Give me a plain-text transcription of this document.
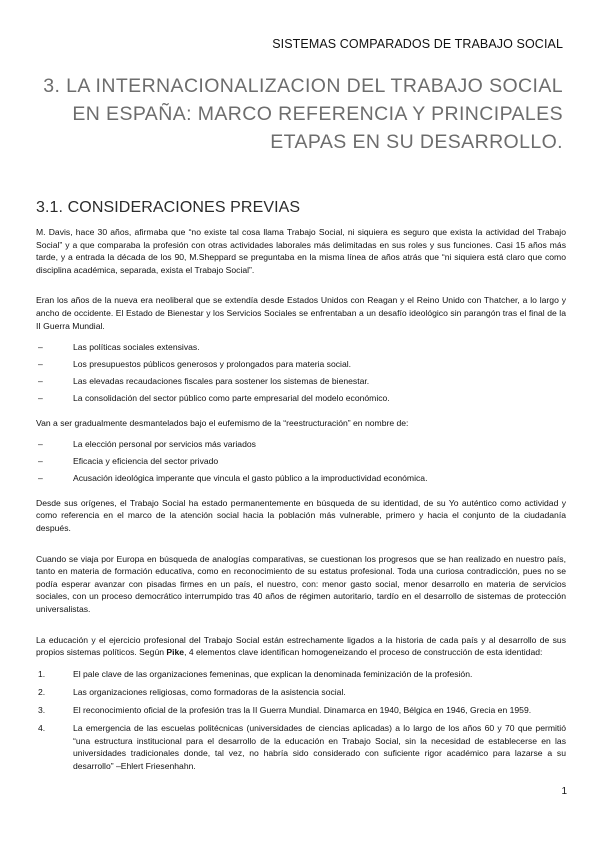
SISTEMAS COMPARADOS DE TRABAJO SOCIAL
3. LA INTERNACIONALIZACION DEL TRABAJO SOCIAL
EN ESPAÑA: MARCO REFERENCIA Y PRINCIPALES
ETAPAS EN SU DESARROLLO.
3.1. CONSIDERACIONES PREVIAS

M. Davis, hace 30 años, afirmaba que “no existe tal cosa llama Trabajo Social, ni siquiera es seguro que exista la actividad del Trabajo Social” y a que comparaba la profesión con otras actividades laborales más delimitadas en sus roles y sus funciones. Casi 15 años más tarde, y a entrada la década de los 90, M.Sheppard se preguntaba en la misma línea de años atrás que “ni siquiera está claro que como disciplina académica, separada, exista el Trabajo Social”.

Eran los años de la nueva era neoliberal que se extendía desde Estados Unidos con Reagan y el Reino Unido con Thatcher, a lo largo y ancho de occidente. El Estado de Bienestar y los Servicios Sociales se enfrentaban a un desafío ideológico sin parangón tras el final de la II Guerra Mundial.

–	Las políticas sociales extensivas.
–	Los presupuestos públicos generosos y prolongados para materia social.
–	Las elevadas recaudaciones fiscales para sostener los sistemas de bienestar.
–	La consolidación del sector público como parte empresarial del modelo económico.

Van a ser gradualmente desmantelados bajo el eufemismo de la “reestructuración” en nombre de:

–	La elección personal por servicios más variados
–	Eficacia y eficiencia del sector privado
–	Acusación ideológica imperante que vincula el gasto público a la improductividad económica.

Desde sus orígenes, el Trabajo Social ha estado permanentemente en búsqueda de su identidad, de su Yo auténtico como actividad y como referencia en el marco de la atención social hacia la población más vulnerable, primero y hacia el conjunto de la ciudadanía después.

Cuando se viaja por Europa en búsqueda de analogías comparativas, se cuestionan los progresos que se han realizado en nuestro país, tanto en materia de formación educativa, como en reconocimiento de su estatus profesional. Toda una curiosa contradicción, pues no se podía esperar avanzar con pisadas firmes en un país, el nuestro, con: menor gasto social, menor desarrollo en materia de servicios sociales, con un proceso democrático interrumpido tras 40 años de régimen autoritario, tardío en el desarrollo de sistemas de protección universalistas.

La educación y el ejercicio profesional del Trabajo Social están estrechamente ligados a la historia de cada país y al desarrollo de sus propios sistemas políticos. Según Pike, 4 elementos clave identifican homogeneizando el proceso de construcción de esta identidad:

1.	El pale clave de las organizaciones femeninas, que explican la denominada feminización de la profesión.
2.	Las organizaciones religiosas, como formadoras de la asistencia social.
3.	El reconocimiento oficial de la profesión tras la II Guerra Mundial. Dinamarca en 1940, Bélgica en 1946, Grecia en 1959.
4.	La emergencia de las escuelas politécnicas (universidades de ciencias aplicadas) a lo largo de los años 60 y 70 que permitió “una estructura institucional para el desarrollo de la educación en Trabajo Social, sin la necesidad de establecerse en las universidades tradicionales donde, tal vez, no habría sido considerado con suficiente rigor académico para lazarse a su desarrollo” –Ehlert Friesenhahn.
1
